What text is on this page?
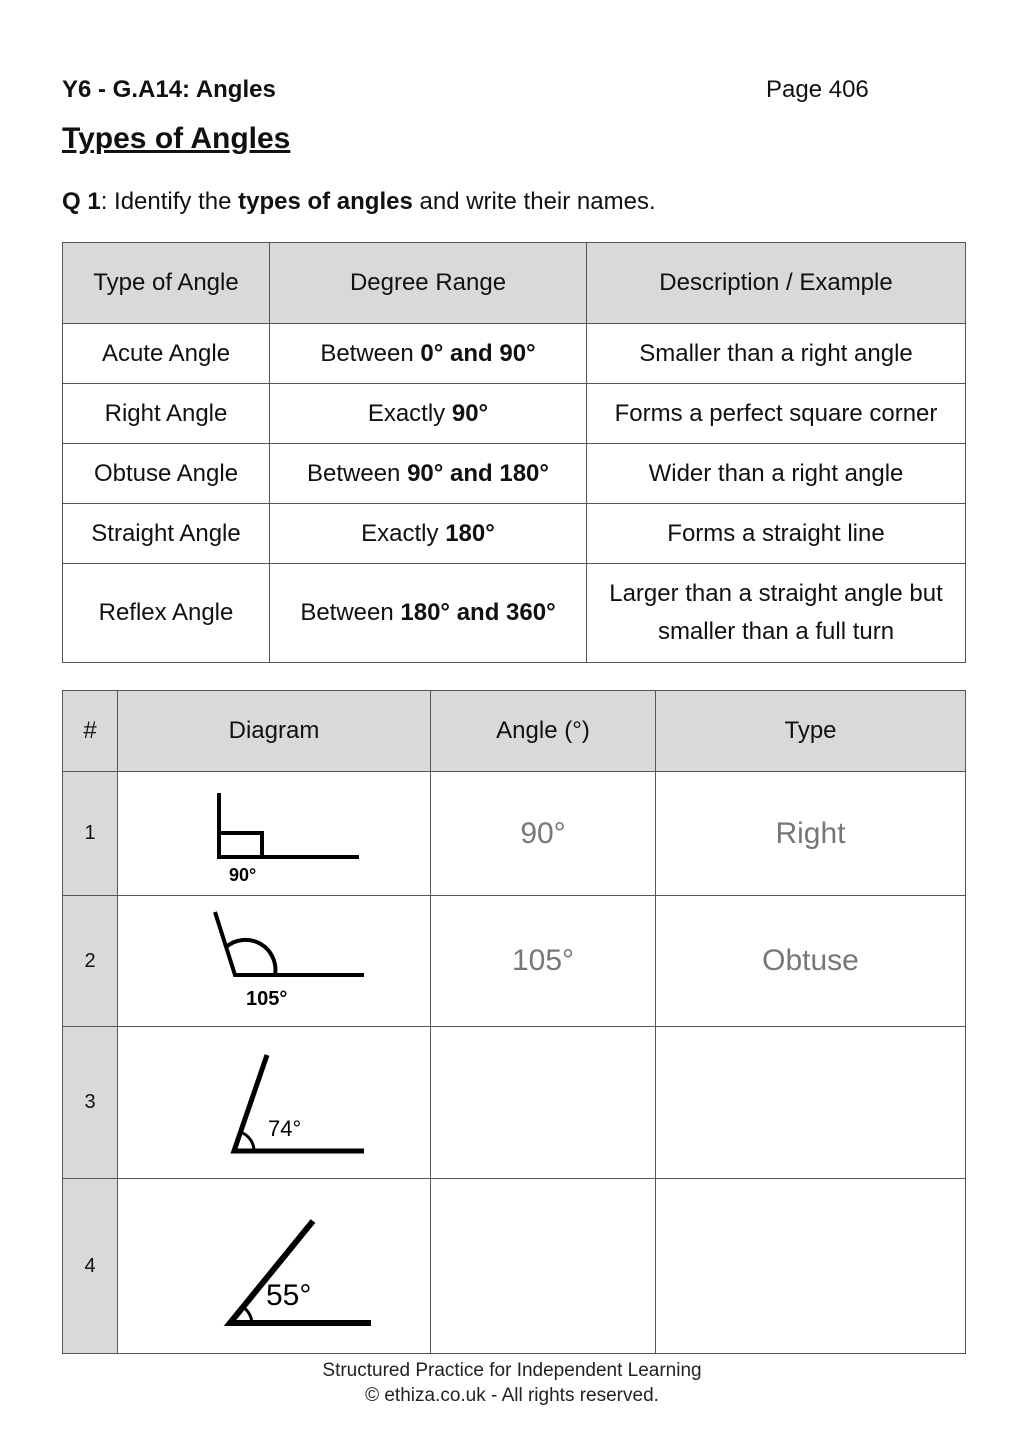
Y6 - G.A14: Angles	Page 406
Types of Angles
Q 1: Identify the types of angles and write their names.
Type of Angle	Degree Range	Description / Example
Acute Angle	Between 0° and 90°	Smaller than a right angle
Right Angle	Exactly 90°	Forms a perfect square corner
Obtuse Angle	Between 90° and 180°	Wider than a right angle
Straight Angle	Exactly 180°	Forms a straight line
Reflex Angle	Between 180° and 360°	Larger than a straight angle but
smaller than a full turn
#	Diagram	Angle (°)	Type
1	90°	90°	Right
2	105°	105°	Obtuse
3	74°		

4	55°		

Structured Practice for Independent Learning
© ethiza.co.uk - All rights reserved.
